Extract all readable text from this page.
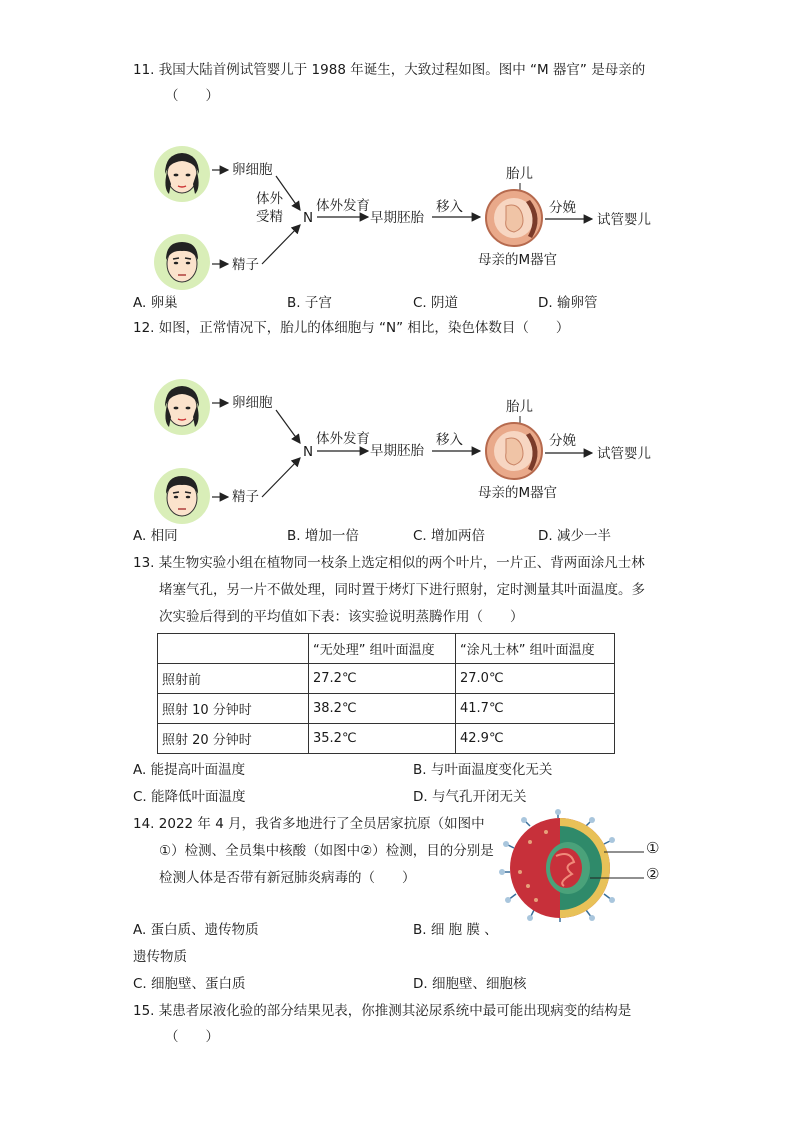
11. 我国大陆首例试管婴儿于 1988 年诞生，大致过程如图。图中 “M 器官” 是母亲的
（　　）
卵细胞
精子
体外
受精 N
体外发育
早期胚胎
移入
胎儿
母亲的M器官
分娩
试管婴儿
A. 卵巢	B. 子宫	C. 阴道	D. 输卵管
12. 如图，正常情况下，胎儿的体细胞与 “N” 相比，染色体数目（　　）
卵细胞
精子
N
体外发育
早期胚胎
移入
胎儿
母亲的M器官
分娩
试管婴儿
A. 相同	B. 增加一倍	C. 增加两倍	D. 减少一半
13. 某生物实验小组在植物同一枝条上选定相似的两个叶片，一片正、背两面涂凡士林
堵塞气孔，另一片不做处理，同时置于烤灯下进行照射，定时测量其叶面温度。多
次实验后得到的平均值如下表：该实验说明蒸腾作用（　　）
	“无处理” 组叶面温度	“涂凡士林” 组叶面温度
照射前	27.2℃	27.0℃
照射 10 分钟时	38.2℃	41.7℃
照射 20 分钟时	35.2℃	42.9℃
A. 能提高叶面温度	B. 与叶面温度变化无关
C. 能降低叶面温度	D. 与气孔开闭无关
14. 2022 年 4 月，我省多地进行了全员居家抗原（如图中
①）检测、全员集中核酸（如图中②）检测，目的分别是
检测人体是否带有新冠肺炎病毒的（　　）
①
②
A. 蛋白质、遗传物质	B. 细 胞 膜 、
遗传物质
C. 细胞壁、蛋白质	D. 细胞壁、细胞核
15. 某患者尿液化验的部分结果见表，你推测其泌尿系统中最可能出现病变的结构是
（　　）
